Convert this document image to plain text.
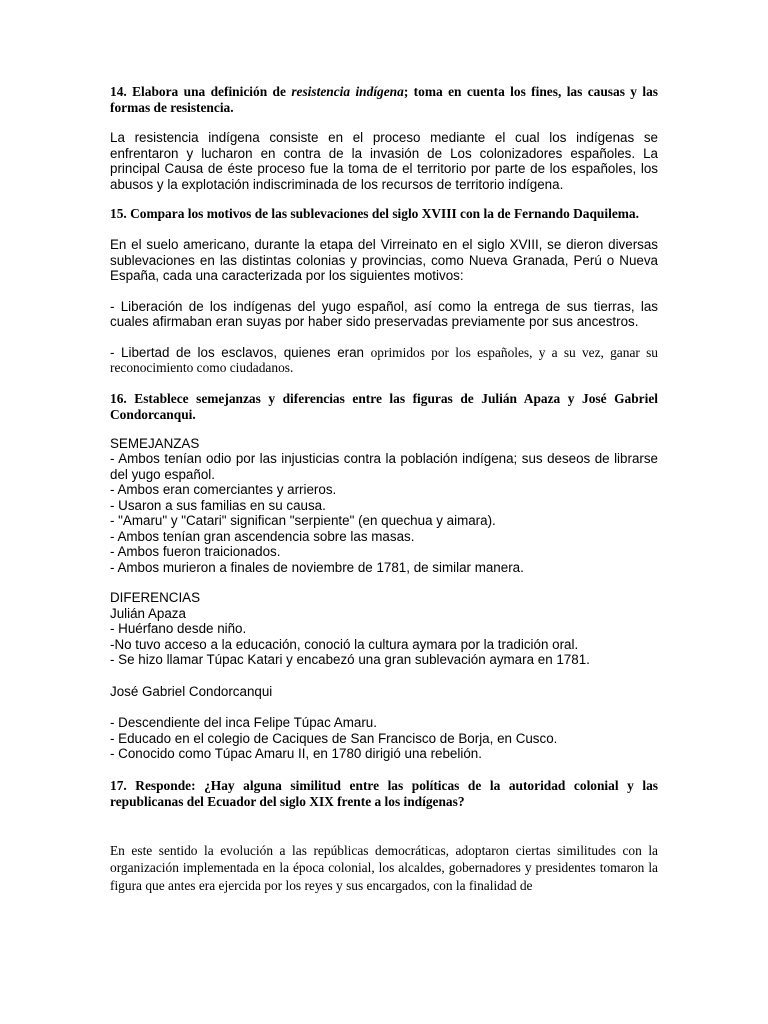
14. Elabora una definición de resistencia indígena; toma en cuenta los fines, las causas y las formas de resistencia.

La resistencia indígena consiste en el proceso mediante el cual los indígenas se enfrentaron y lucharon en contra de la invasión de Los colonizadores españoles. La principal Causa de éste proceso fue la toma de el territorio por parte de los españoles, los abusos y la explotación indiscriminada de los recursos de territorio indígena.

15. Compara los motivos de las sublevaciones del siglo XVIII con la de Fernando Daquilema.

En el suelo americano, durante la etapa del Virreinato en el siglo XVIII, se dieron diversas sublevaciones en las distintas colonias y provincias, como Nueva Granada, Perú o Nueva España, cada una caracterizada por los siguientes motivos:

- Liberación de los indígenas del yugo español, así como la entrega de sus tierras, las cuales afirmaban eran suyas por haber sido preservadas previamente por sus ancestros.

- Libertad de los esclavos, quienes eran oprimidos por los españoles, y a su vez, ganar su reconocimiento como ciudadanos.

16. Establece semejanzas y diferencias entre las figuras de Julián Apaza y José Gabriel Condorcanqui.

SEMEJANZAS

- Ambos tenían odio por las injusticias contra la población indígena; sus deseos de librarse del yugo español.

- Ambos eran comerciantes y arrieros.

- Usaron a sus familias en su causa.

- "Amaru" y "Catari" significan "serpiente" (en quechua y aimara).

- Ambos tenían gran ascendencia sobre las masas.

- Ambos fueron traicionados.

- Ambos murieron a finales de noviembre de 1781, de similar manera.

DIFERENCIAS

Julián Apaza

- Huérfano desde niño.

-No tuvo acceso a la educación, conoció la cultura aymara por la tradición oral.

- Se hizo llamar Túpac Katari y encabezó una gran sublevación aymara en 1781.

José Gabriel Condorcanqui

- Descendiente del inca Felipe Túpac Amaru.

- Educado en el colegio de Caciques de San Francisco de Borja, en Cusco.

- Conocido como Túpac Amaru II, en 1780 dirigió una rebelión.

17. Responde: ¿Hay alguna similitud entre las políticas de la autoridad colonial y las republicanas del Ecuador del siglo XIX frente a los indígenas?

En este sentido la evolución a las repúblicas democráticas, adoptaron ciertas similitudes con la organización implementada en la época colonial, los alcaldes, gobernadores y presidentes tomaron la figura que antes era ejercida por los reyes y sus encargados, con la finalidad de
